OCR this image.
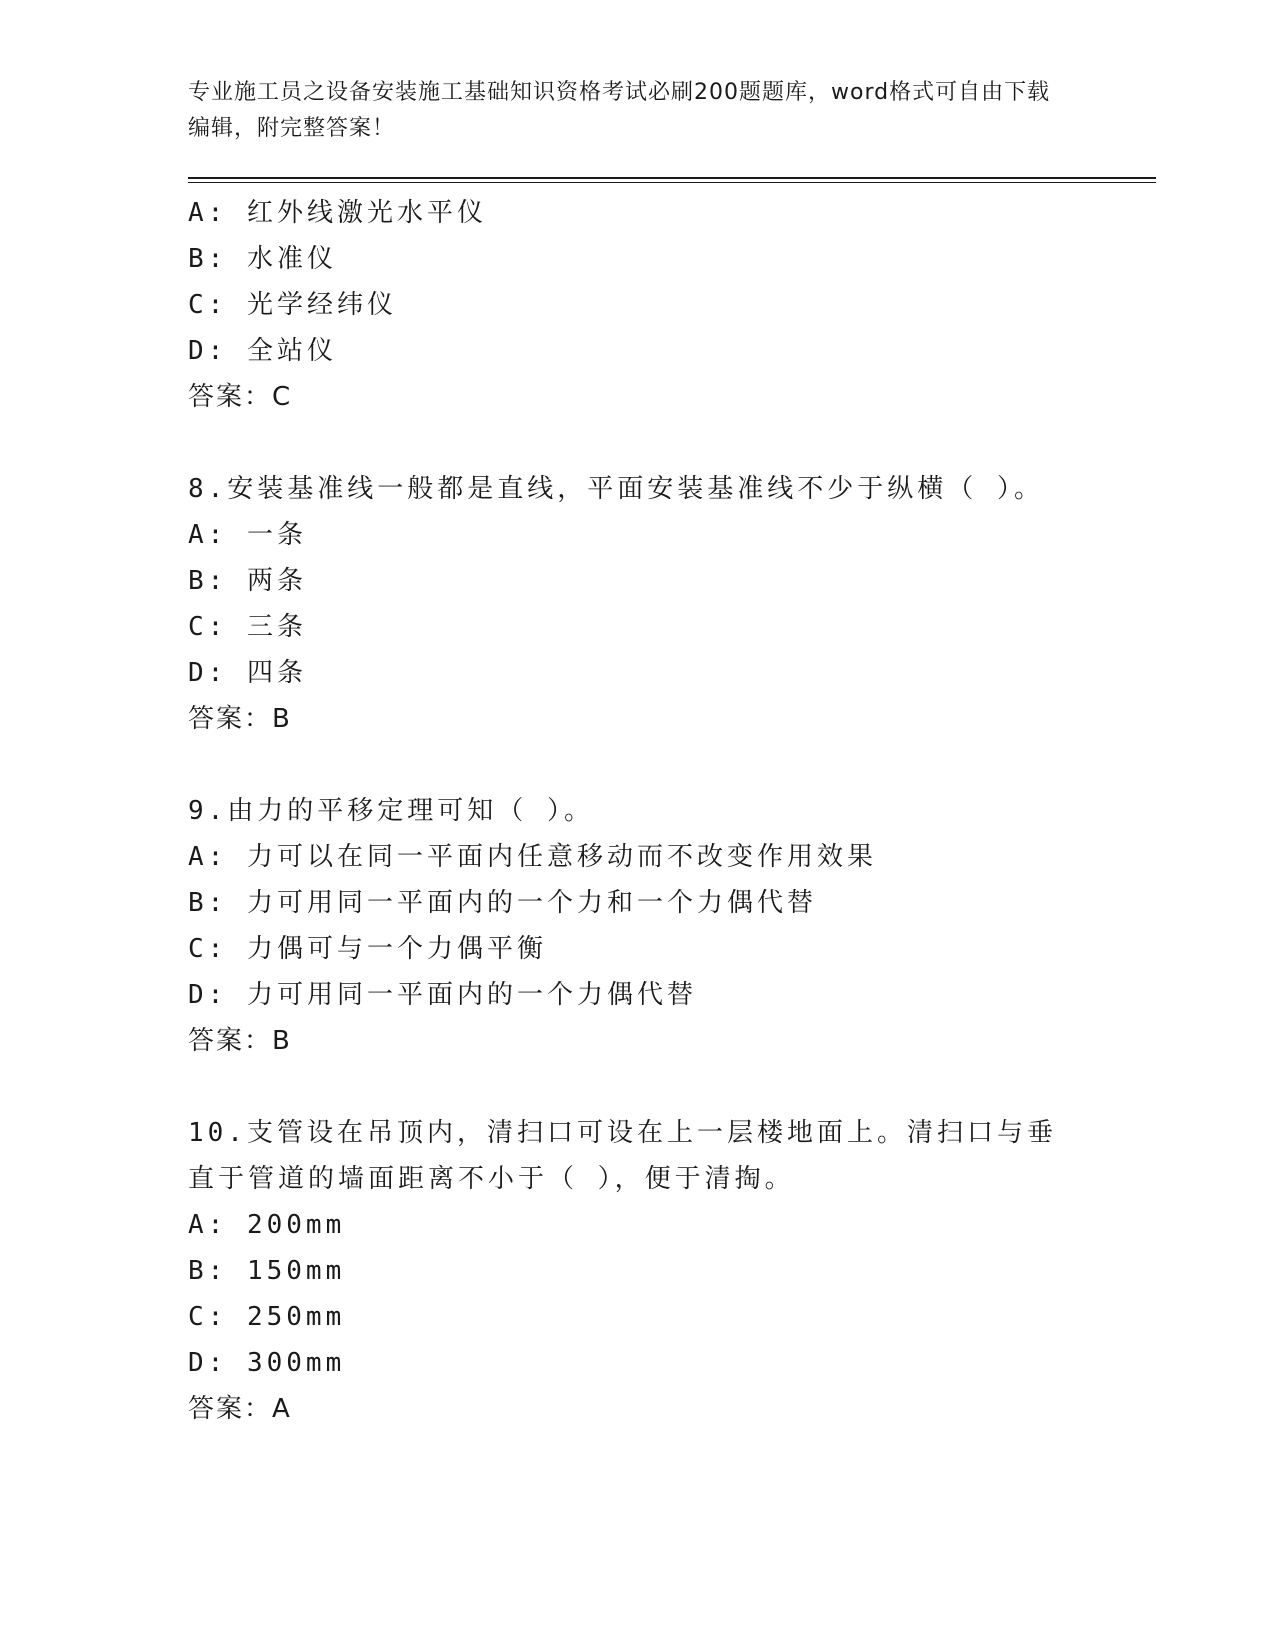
专业施工员之设备安装施工基础知识资格考试必刷200题题库，word格式可自由下载编辑，附完整答案！
A: 红外线激光水平仪
B: 水准仪
C: 光学经纬仪
D: 全站仪
答案：C
8.安装基准线一般都是直线，平面安装基准线不少于纵横（ ）。
A: 一条
B: 两条
C: 三条
D: 四条
答案：B
9.由力的平移定理可知（ ）。
A: 力可以在同一平面内任意移动而不改变作用效果
B: 力可用同一平面内的一个力和一个力偶代替
C: 力偶可与一个力偶平衡
D: 力可用同一平面内的一个力偶代替
答案：B
10.支管设在吊顶内，清扫口可设在上一层楼地面上。清扫口与垂直于管道的墙面距离不小于（ ），便于清掏。
A: 200mm
B: 150mm
C: 250mm
D: 300mm
答案：A
